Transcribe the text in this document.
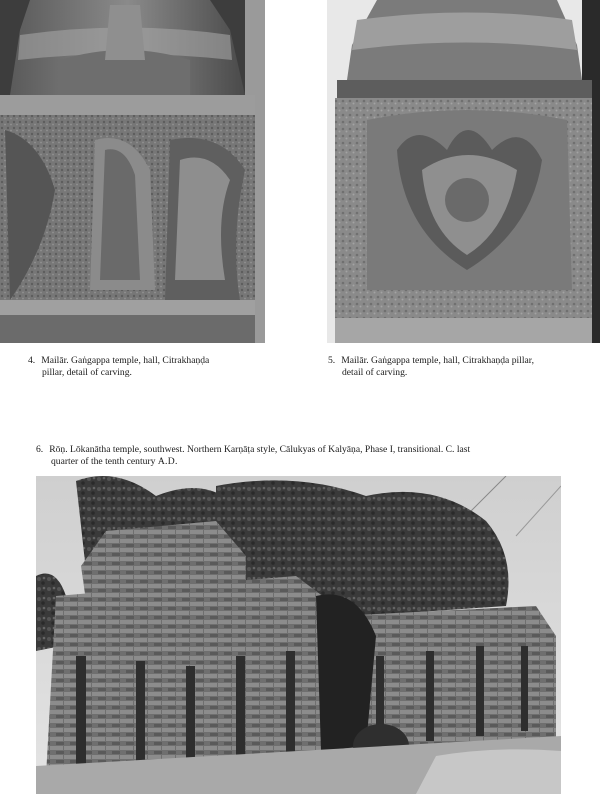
4. Mailār. Gaṅgappa temple, hall, Citrakhaṇḍa
pillar, detail of carving.
5. Mailār. Gaṅgappa temple, hall, Citrakhaṇḍa pillar,
detail of carving.
6. Rōṇ. Lōkanātha temple, southwest. Northern Karṇāṭa style, Cālukyas of Kalyāṇa, Phase I, transitional. C. last
quarter of the tenth century A.D.
